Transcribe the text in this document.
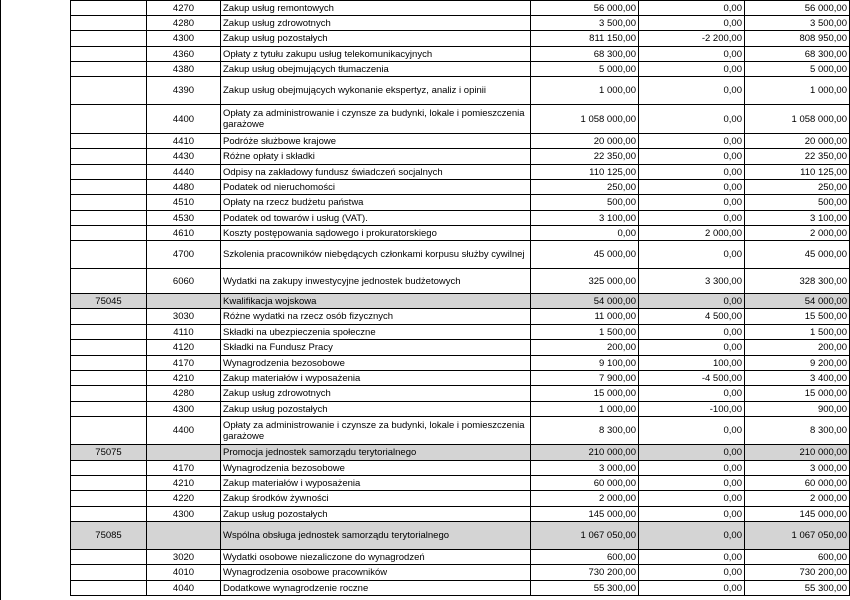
	4270	Zakup usług remontowych	56 000,00	0,00	56 000,00
	4280	Zakup usług zdrowotnych	3 500,00	0,00	3 500,00
	4300	Zakup usług pozostałych	811 150,00	-2 200,00	808 950,00
	4360	Opłaty z tytułu zakupu usług telekomunikacyjnych	68 300,00	0,00	68 300,00
	4380	Zakup usług obejmujących tłumaczenia	5 000,00	0,00	5 000,00
	4390	Zakup usług obejmujących wykonanie ekspertyz, analiz i opinii	1 000,00	0,00	1 000,00
	4400	Opłaty za administrowanie i czynsze za budynki, lokale i pomieszczenia garażowe	1 058 000,00	0,00	1 058 000,00
	4410	Podróże służbowe krajowe	20 000,00	0,00	20 000,00
	4430	Różne opłaty i składki	22 350,00	0,00	22 350,00
	4440	Odpisy na zakładowy fundusz świadczeń socjalnych	110 125,00	0,00	110 125,00
	4480	Podatek od nieruchomości	250,00	0,00	250,00
	4510	Opłaty na rzecz budżetu państwa	500,00	0,00	500,00
	4530	Podatek od towarów i usług (VAT).	3 100,00	0,00	3 100,00
	4610	Koszty postępowania sądowego i prokuratorskiego	0,00	2 000,00	2 000,00
	4700	Szkolenia pracowników niebędących członkami korpusu służby cywilnej	45 000,00	0,00	45 000,00
	6060	Wydatki na zakupy inwestycyjne jednostek budżetowych	325 000,00	3 300,00	328 300,00
75045		Kwalifikacja wojskowa	54 000,00	0,00	54 000,00
	3030	Różne wydatki na rzecz osób fizycznych	11 000,00	4 500,00	15 500,00
	4110	Składki na ubezpieczenia społeczne	1 500,00	0,00	1 500,00
	4120	Składki na Fundusz Pracy	200,00	0,00	200,00
	4170	Wynagrodzenia bezosobowe	9 100,00	100,00	9 200,00
	4210	Zakup materiałów i wyposażenia	7 900,00	-4 500,00	3 400,00
	4280	Zakup usług zdrowotnych	15 000,00	0,00	15 000,00
	4300	Zakup usług pozostałych	1 000,00	-100,00	900,00
	4400	Opłaty za administrowanie i czynsze za budynki, lokale i pomieszczenia garażowe	8 300,00	0,00	8 300,00
75075		Promocja jednostek samorządu terytorialnego	210 000,00	0,00	210 000,00
	4170	Wynagrodzenia bezosobowe	3 000,00	0,00	3 000,00
	4210	Zakup materiałów i wyposażenia	60 000,00	0,00	60 000,00
	4220	Zakup środków żywności	2 000,00	0,00	2 000,00
	4300	Zakup usług pozostałych	145 000,00	0,00	145 000,00
75085		Wspólna obsługa jednostek samorządu terytorialnego	1 067 050,00	0,00	1 067 050,00
	3020	Wydatki osobowe niezaliczone do wynagrodzeń	600,00	0,00	600,00
	4010	Wynagrodzenia osobowe pracowników	730 200,00	0,00	730 200,00
	4040	Dodatkowe wynagrodzenie roczne	55 300,00	0,00	55 300,00
